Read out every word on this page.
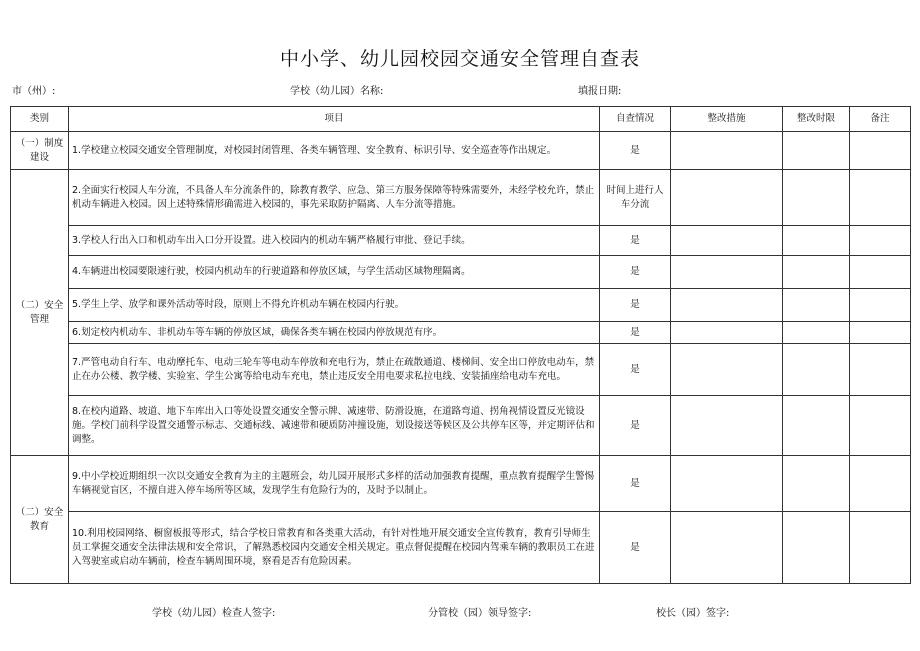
中小学、幼儿园校园交通安全管理自查表
市（州）:	学校（幼儿园）名称:	填报日期:
类别	项目	自查情况	整改措施	整改时限	备注
（一）制度建设	1.学校建立校园交通安全管理制度，对校园封闭管理、各类车辆管理、安全教育、标识引导、安全巡查等作出规定。	是			
（二）安全管理	2.全面实行校园人车分流，不具备人车分流条件的，除教育教学、应急、第三方服务保障等特殊需要外，未经学校允许，禁止机动车辆进入校园。因上述特殊情形确需进入校园的，事先采取防护隔离、人车分流等措施。	时间上进行人车分流			
	3.学校人行出入口和机动车出入口分开设置。进入校园内的机动车辆严格履行审批、登记手续。	是			
	4.车辆进出校园要限速行驶，校园内机动车的行驶道路和停放区域，与学生活动区域物理隔离。	是			
	5.学生上学、放学和课外活动等时段，原则上不得允许机动车辆在校园内行驶。	是			
	6.划定校内机动车、非机动车等车辆的停放区域，确保各类车辆在校园内停放规范有序。	是			
	7.严管电动自行车、电动摩托车、电动三轮车等电动车停放和充电行为，禁止在疏散通道、楼梯间、安全出口停放电动车，禁止在办公楼、教学楼、实验室、学生公寓等给电动车充电，禁止违反安全用电要求私拉电线、安装插座给电动车充电。	是			
	8.在校内道路、坡道、地下车库出入口等处设置交通安全警示牌、减速带、防滑设施，在道路弯道、拐角视情设置反光镜设施。学校门前科学设置交通警示标志、交通标线、减速带和硬质防冲撞设施，划设接送等候区及公共停车区等，并定期评估和调整。	是			
（二）安全教育	9.中小学校近期组织一次以交通安全教育为主的主题班会，幼儿园开展形式多样的活动加强教育提醒，重点教育提醒学生警惕车辆视觉盲区，不擅自进入停车场所等区域，发现学生有危险行为的，及时予以制止。	是			
	10.利用校园网络、橱窗板报等形式，结合学校日常教育和各类重大活动，有针对性地开展交通安全宣传教育，教育引导师生员工掌握交通安全法律法规和安全常识，了解熟悉校园内交通安全相关规定。重点督促提醒在校园内驾乘车辆的教职员工在进入驾驶室或启动车辆前，检查车辆周围环境，察看是否有危险因素。	是			
学校（幼儿园）检查人签字:	分管校（园）领导签字:	校长（园）签字:
